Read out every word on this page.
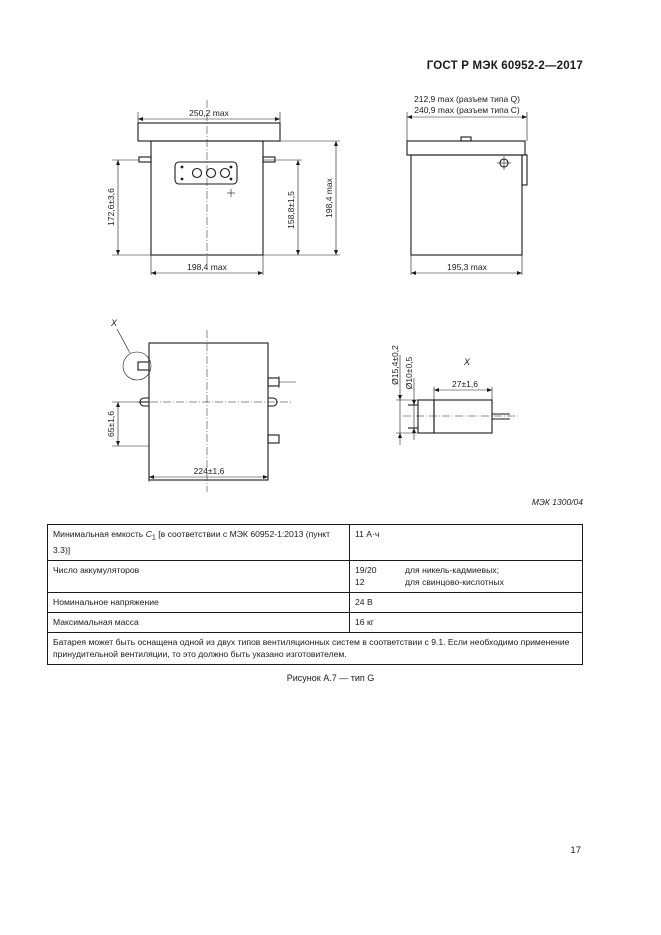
ГОСТ Р МЭК 60952-2—2017
250,2 max
198,4 max
172,6±3,6	158,8±1,5	198,4 max
212,9 max (разъем типа Q)
240,9 max (разъем типа C)
195,3 max
X
65±1,6
224±1,6
X
Ø15,4±0,2 Ø10±0,5	27±1,6
МЭК 1300/04
Минимальная емкость $C_1$ [в соответствии с МЭК 60952-1:2013 (пункт 3.3)]	11 А·ч
Число аккумуляторов	19/20 для никель-кадмиевых;
12 для свинцово-кислотных

Номинальное напряжение	24 В
Максимальная масса	16 кг
Батарея может быть оснащена одной из двух типов вентиляционных систем в соответствии с 9.1. Если необходимо применение принудительной вентиляции, то это должно быть указано изготовителем.	
Рисунок А.7 — тип G
17
